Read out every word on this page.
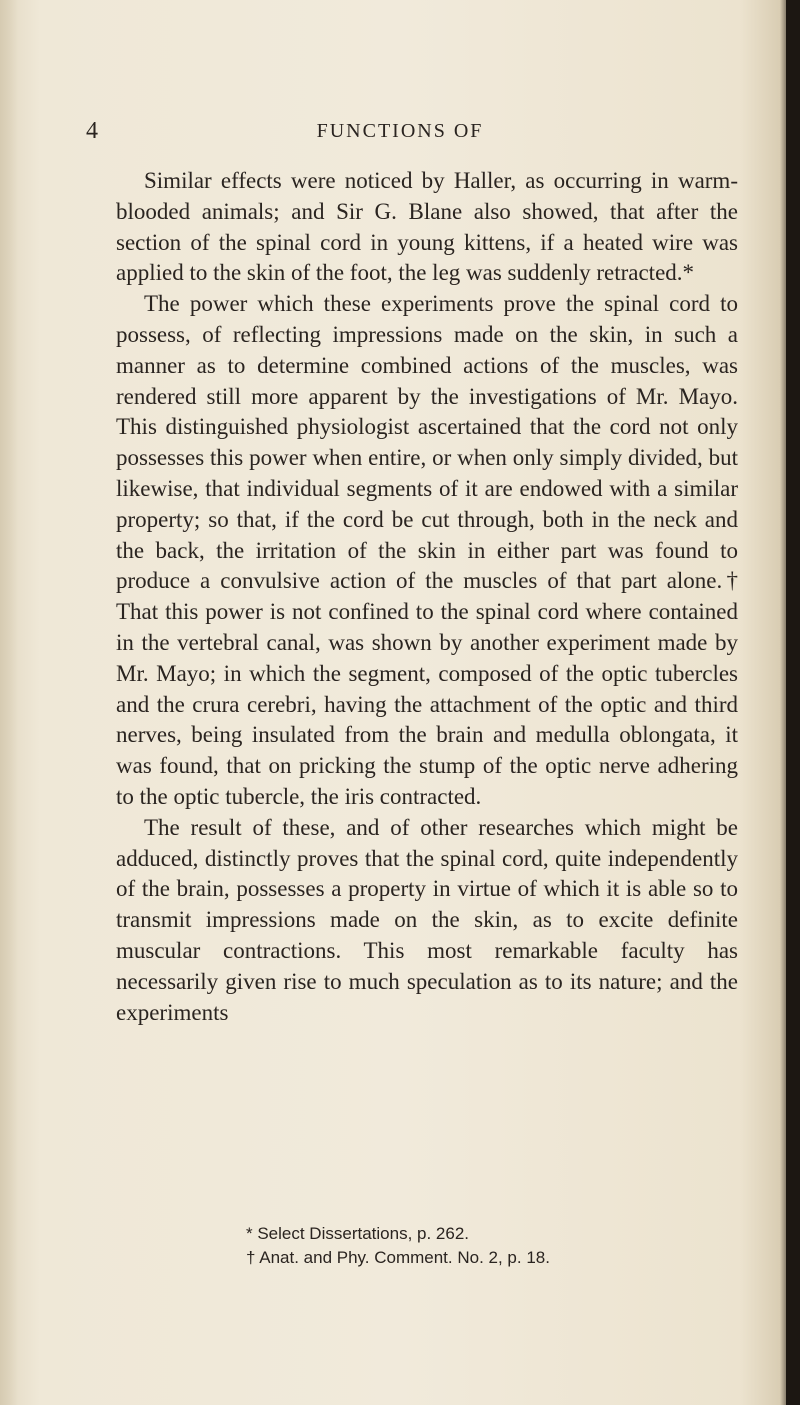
4	FUNCTIONS OF

Similar effects were noticed by Haller, as occurring in warm-blooded animals; and Sir G. Blane also showed, that after the section of the spinal cord in young kittens, if a heated wire was applied to the skin of the foot, the leg was suddenly retracted.*

The power which these experiments prove the spinal cord to possess, of reflecting impressions made on the skin, in such a manner as to determine combined actions of the muscles, was rendered still more apparent by the investigations of Mr. Mayo. This distinguished physiologist ascertained that the cord not only possesses this power when entire, or when only simply divided, but likewise, that individual segments of it are endowed with a similar property; so that, if the cord be cut through, both in the neck and the back, the irritation of the skin in either part was found to produce a convulsive action of the muscles of that part alone.† That this power is not confined to the spinal cord where contained in the vertebral canal, was shown by another experiment made by Mr. Mayo; in which the segment, composed of the optic tubercles and the crura cerebri, having the attachment of the optic and third nerves, being insulated from the brain and medulla oblongata, it was found, that on pricking the stump of the optic nerve adhering to the optic tubercle, the iris contracted.

The result of these, and of other researches which might be adduced, distinctly proves that the spinal cord, quite independently of the brain, possesses a property in virtue of which it is able so to transmit impressions made on the skin, as to excite definite muscular contractions. This most remarkable faculty has necessarily given rise to much speculation as to its nature; and the experiments

* Select Dissertations, p. 262.
† Anat. and Phy. Comment. No. 2, p. 18.
